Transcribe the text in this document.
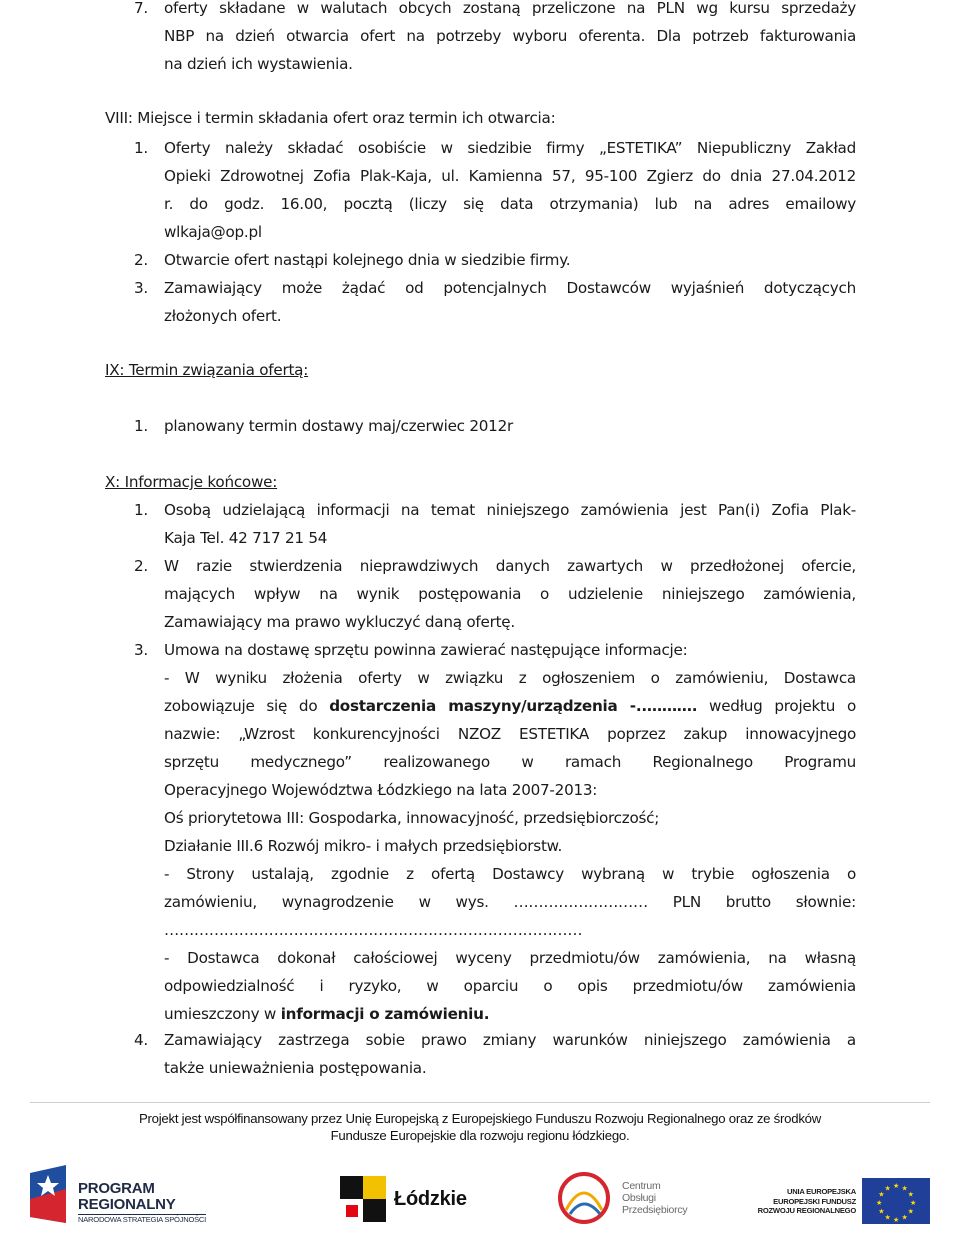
7. oferty składane w walutach obcych zostaną przeliczone na PLN wg kursu sprzedaży

NBP na dzień otwarcia ofert na potrzeby wyboru oferenta. Dla potrzeb fakturowania

na dzień ich wystawienia.

VIII: Miejsce i termin składania ofert oraz termin ich otwarcia:
1. Oferty należy składać osobiście w siedzibie firmy „ESTETIKA” Niepubliczny Zakład

Opieki Zdrowotnej Zofia Plak-Kaja, ul. Kamienna 57, 95-100 Zgierz do dnia 27.04.2012

r. do godz. 16.00, pocztą (liczy się data otrzymania) lub na adres emailowy

wlkaja@op.pl

2. Otwarcie ofert nastąpi kolejnego dnia w siedzibie firmy.

3. Zamawiający może żądać od potencjalnych Dostawców wyjaśnień dotyczących

złożonych ofert.

IX: Termin związania ofertą:
1. planowany termin dostawy maj/czerwiec 2012r

X: Informacje końcowe:
1. Osobą udzielającą informacji na temat niniejszego zamówienia jest Pan(i) Zofia Plak-

Kaja Tel. 42 717 21 54

2. W razie stwierdzenia nieprawdziwych danych zawartych w przedłożonej ofercie,

mających wpływ na wynik postępowania o udzielenie niniejszego zamówienia,

Zamawiający ma prawo wykluczyć daną ofertę.

3. Umowa na dostawę sprzętu powinna zawierać następujące informacje:

- W wyniku złożenia oferty w związku z ogłoszeniem o zamówieniu, Dostawca

zobowiązuje się do dostarczenia maszyny/urządzenia -..………. według projektu o

nazwie: „Wzrost konkurencyjności NZOZ ESTETIKA poprzez zakup innowacyjnego

sprzętu medycznego” realizowanego w ramach Regionalnego Programu

Operacyjnego Województwa Łódzkiego na lata 2007-2013:

Oś priorytetowa III: Gospodarka, innowacyjność, przedsiębiorczość;

Działanie III.6 Rozwój mikro- i małych przedsiębiorstw.

- Strony ustalają, zgodnie z ofertą Dostawcy wybraną w trybie ogłoszenia o

zamówieniu, wynagrodzenie w wys. ……………………… PLN brutto słownie:

…………………………………………………………………………

- Dostawca dokonał całościowej wyceny przedmiotu/ów zamówienia, na własną

odpowiedzialność i ryzyko, w oparciu o opis przedmiotu/ów zamówienia

umieszczony w informacji o zamówieniu.

4. Zamawiający zastrzega sobie prawo zmiany warunków niniejszego zamówienia a

także unieważnienia postępowania.

Projekt jest współfinansowany przez Unię Europejską z Europejskiego Funduszu Rozwoju Regionalnego oraz ze środków
Fundusze Europejskie dla rozwoju regionu łódzkiego.
PROGRAM
REGIONALNY
NARODOWA STRATEGIA SPÓJNOŚCI
Łódzkie
Centrum
Obsługi
Przedsiębiorcy
UNIA EUROPEJSKA
EUROPEJSKI FUNDUSZ
ROZWOJU REGIONALNEGO
★ ★
★
★
★
★
★
★
★
★
★
★
